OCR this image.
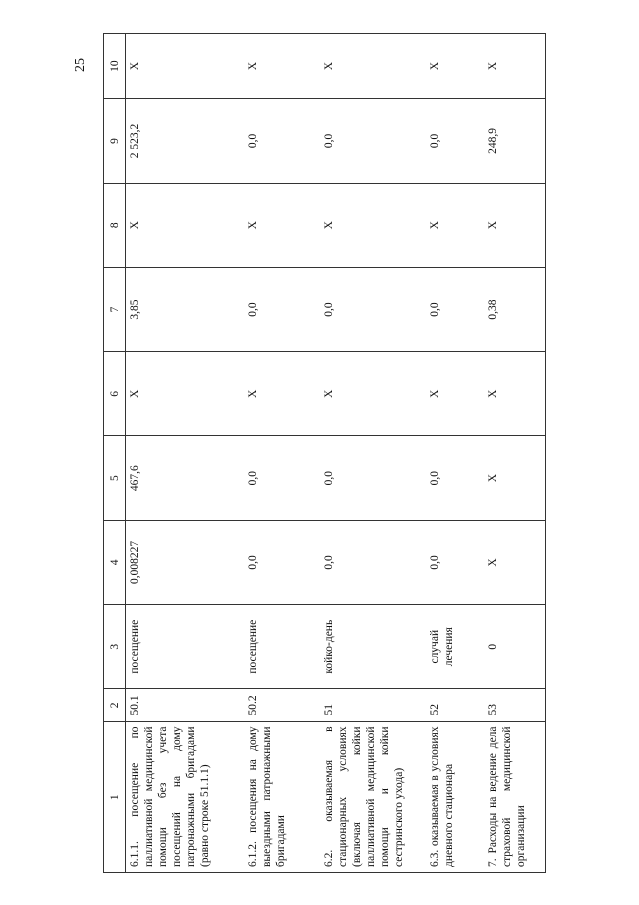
25
1	2	3	4	5	6	7	8	9	10
6.1.1. посещение по паллиативной медицинской помощи без учета посещений на дому патронажными бригадами (равно строке 51.1.1)	50.1	посещение	0,008227	467,6	X	3,85	X	2 523,2	X
6.1.2. посещения на дому выездными патронажными бригадами	50.2	посещение	0,0	0,0	X	0,0	X	0,0	X
6.2. оказываемая в стационарных условиях (включая койки паллиативной медицинской помощи и койки сестринского ухода)	51	койко-день	0,0	0,0	X	0,0	X	0,0	X
6.3. оказываемая в условиях дневного стационара	52	случай лечения	0,0	0,0	X	0,0	X	0,0	X
7. Расходы на ведение дела страховой медицинской организации	53	0	X	X	X	0,38	X	248,9	X
